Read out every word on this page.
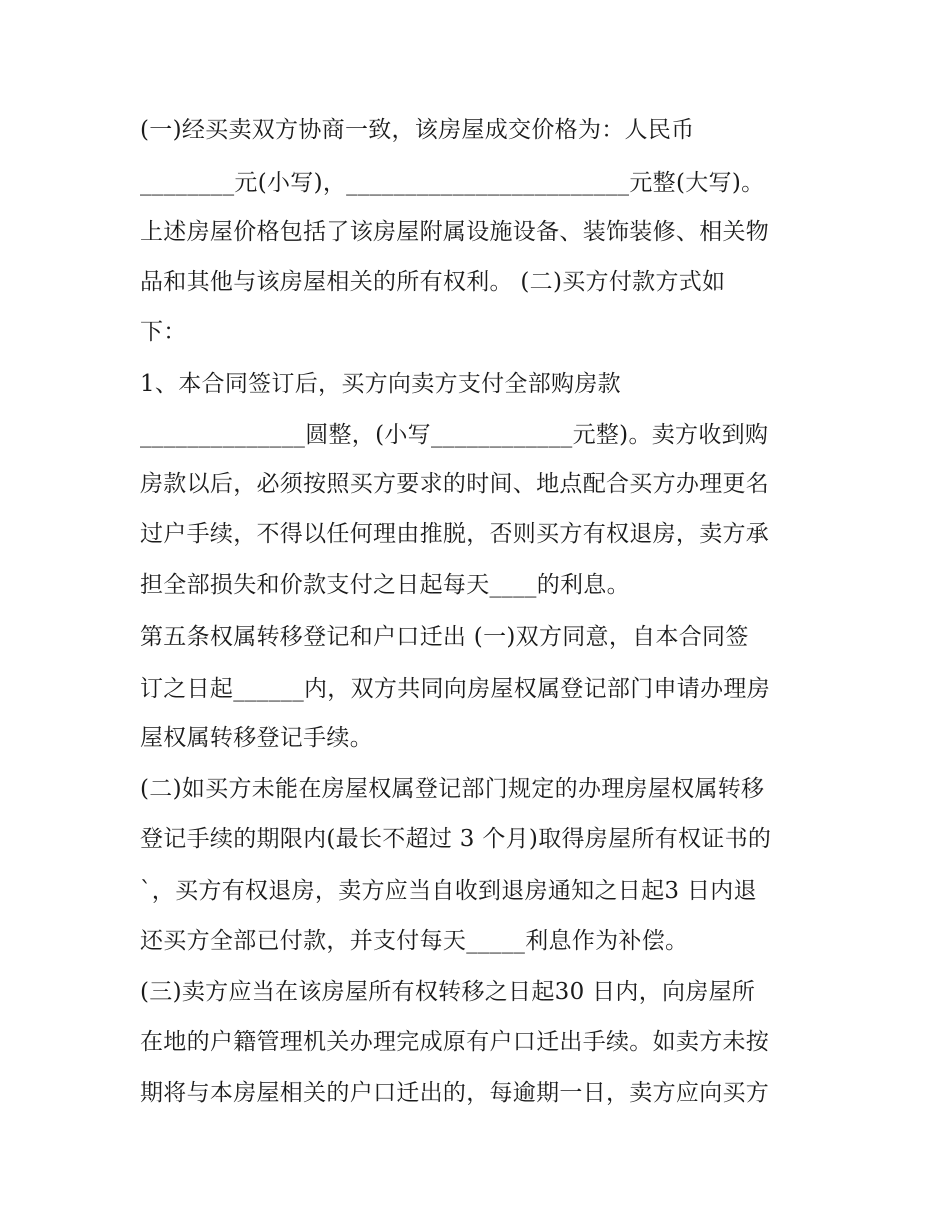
(一)经买卖双方协商一致，该房屋成交价格为：人民币
________元(小写)，________________________元整(大写)。
上述房屋价格包括了该房屋附属设施设备、装饰装修、相关物
品和其他与该房屋相关的所有权利。 (二)买方付款方式如
下：
1、本合同签订后，买方向卖方支付全部购房款
______________圆整，(小写____________元整)。卖方收到购
房款以后，必须按照买方要求的时间、地点配合买方办理更名
过户手续，不得以任何理由推脱，否则买方有权退房，卖方承
担全部损失和价款支付之日起每天____的利息。
第五条权属转移登记和户口迁出 (一)双方同意，自本合同签
订之日起______内，双方共同向房屋权属登记部门申请办理房
屋权属转移登记手续。
(二)如买方未能在房屋权属登记部门规定的办理房屋权属转移
登记手续的期限内(最长不超过 3 个月)取得房屋所有权证书的
`，买方有权退房，卖方应当自收到退房通知之日起3 日内退
还买方全部已付款，并支付每天_____利息作为补偿。
(三)卖方应当在该房屋所有权转移之日起30 日内，向房屋所
在地的户籍管理机关办理完成原有户口迁出手续。如卖方未按
期将与本房屋相关的户口迁出的，每逾期一日，卖方应向买方
